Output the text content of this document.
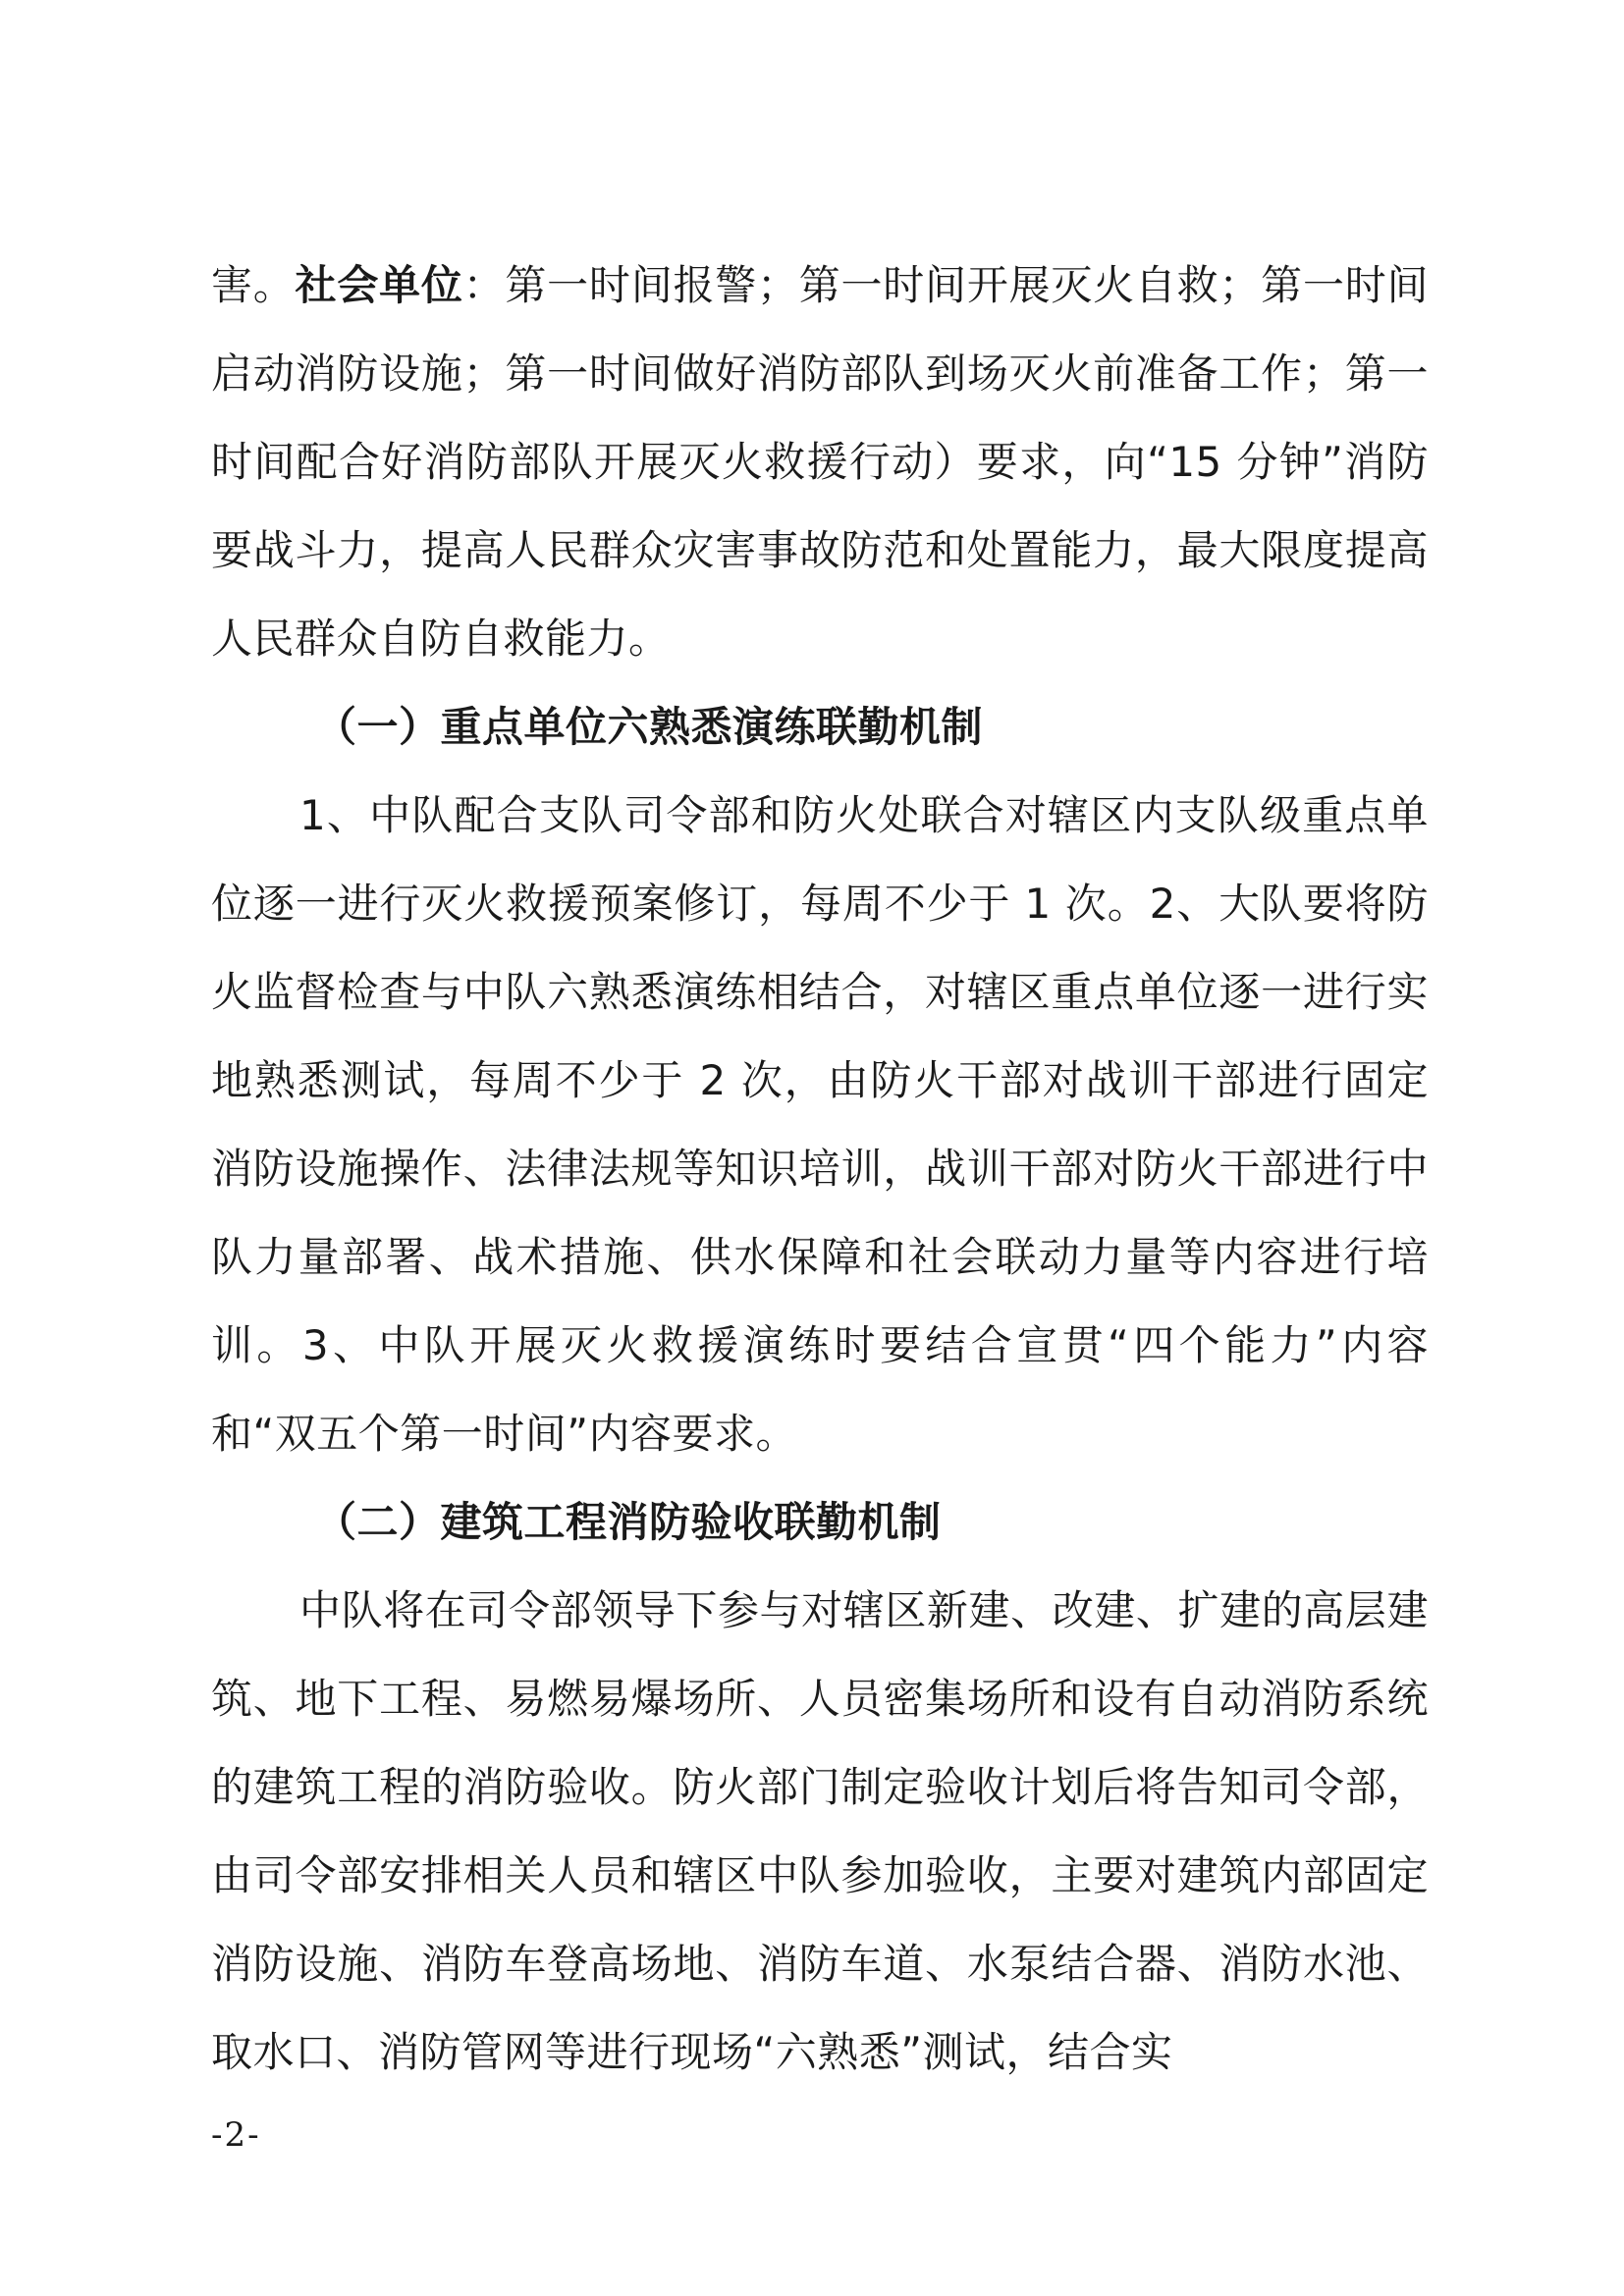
害。社会单位：第一时间报警；第一时间开展灭火自救；第一时间启动消防设施；第一时间做好消防部队到场灭火前准备工作；第一时间配合好消防部队开展灭火救援行动）要求，向“15 分钟”消防要战斗力，提高人民群众灾害事故防范和处置能力，最大限度提高人民群众自防自救能力。

（一）重点单位六熟悉演练联勤机制

1、中队配合支队司令部和防火处联合对辖区内支队级重点单位逐一进行灭火救援预案修订，每周不少于 1 次。2、大队要将防火监督检查与中队六熟悉演练相结合，对辖区重点单位逐一进行实地熟悉测试，每周不少于 2 次，由防火干部对战训干部进行固定消防设施操作、法律法规等知识培训，战训干部对防火干部进行中队力量部署、战术措施、供水保障和社会联动力量等内容进行培训。3、中队开展灭火救援演练时要结合宣贯“四个能力”内容和“双五个第一时间”内容要求。

（二）建筑工程消防验收联勤机制

中队将在司令部领导下参与对辖区新建、改建、扩建的高层建筑、地下工程、易燃易爆场所、人员密集场所和设有自动消防系统的建筑工程的消防验收。防火部门制定验收计划后将告知司令部，由司令部安排相关人员和辖区中队参加验收，主要对建筑内部固定消防设施、消防车登高场地、消防车道、水泵结合器、消防水池、取水口、消防管网等进行现场“六熟悉”测试，结合实

-2-
